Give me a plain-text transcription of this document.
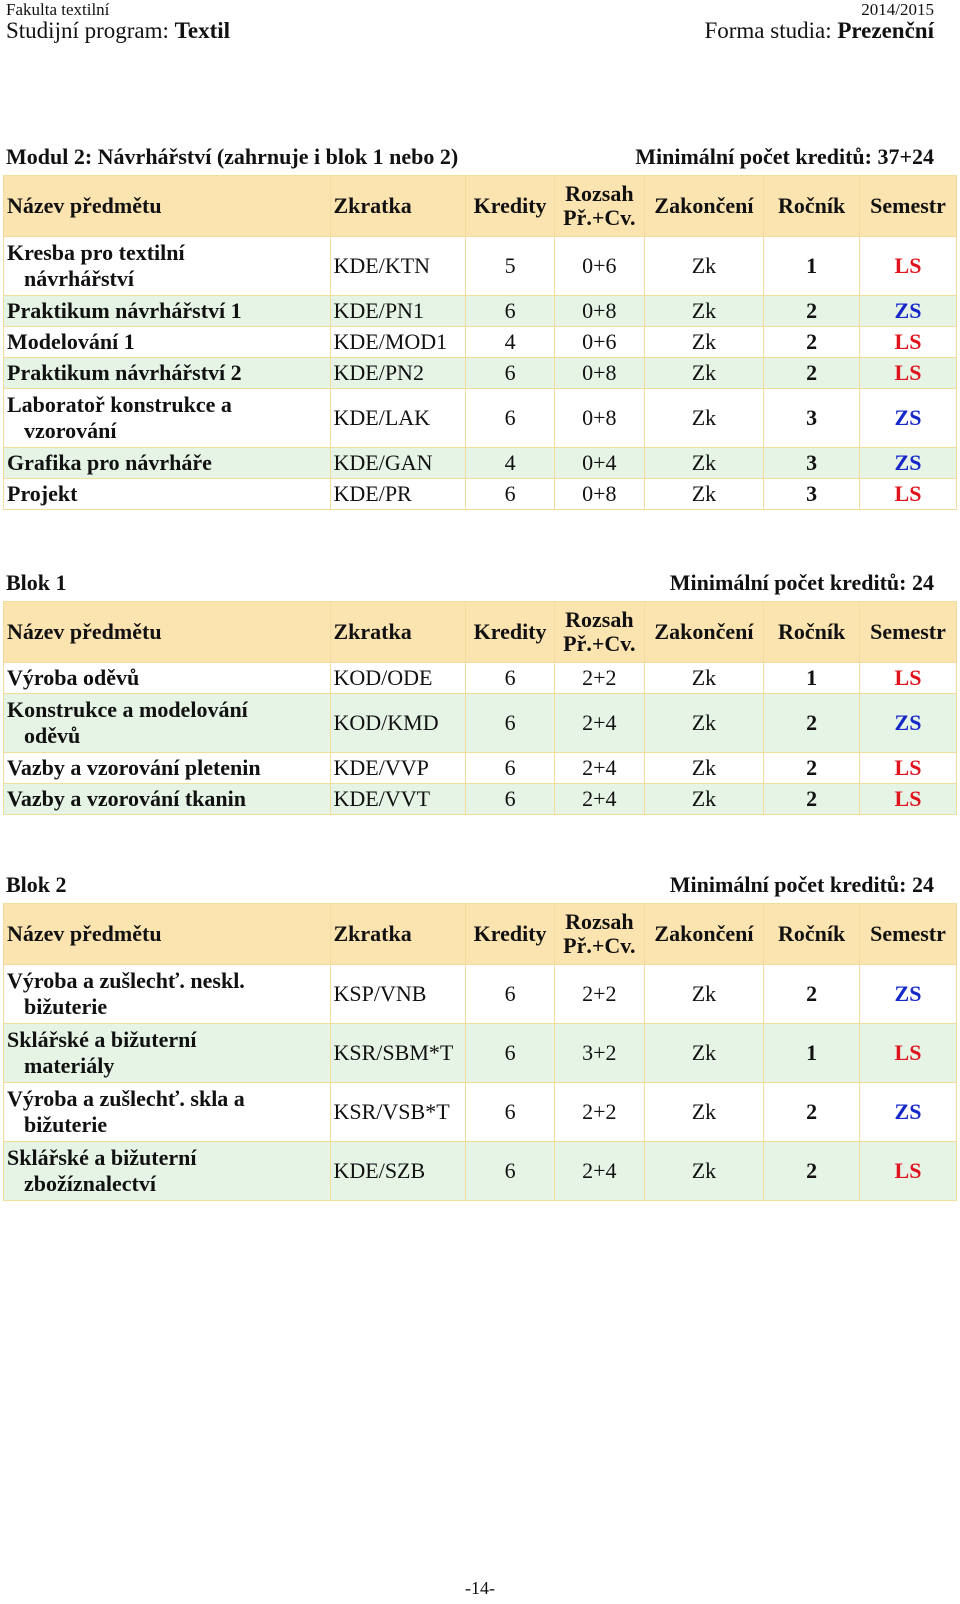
Fakulta textilní	2014/2015
Studijní program: Textil	Forma studia: Prezenční
Modul 2: Návrhářství (zahrnuje i blok 1 nebo 2)	Minimální počet kreditů: 37+24
Název předmětu	Zkratka	Kredity	Rozsah
Př.+Cv.	Zakončení	Ročník	Semestr

Kresba pro textilní
návrhářství	KDE/KTN	5	0+6	Zk	1	LS

Praktikum návrhářství 1	KDE/PN1	6	0+8	Zk	2	ZS

Modelování 1	KDE/MOD1	4	0+6	Zk	2	LS

Praktikum návrhářství 2	KDE/PN2	6	0+8	Zk	2	LS

Laboratoř konstrukce a
vzorování	KDE/LAK	6	0+8	Zk	3	ZS

Grafika pro návrháře	KDE/GAN	4	0+4	Zk	3	ZS

Projekt	KDE/PR	6	0+8	Zk	3	LS
Blok 1	Minimální počet kreditů: 24
Název předmětu	Zkratka	Kredity	Rozsah
Př.+Cv.	Zakončení	Ročník	Semestr

Výroba oděvů	KOD/ODE	6	2+2	Zk	1	LS

Konstrukce a modelování
oděvů	KOD/KMD	6	2+4	Zk	2	ZS

Vazby a vzorování pletenin	KDE/VVP	6	2+4	Zk	2	LS

Vazby a vzorování tkanin	KDE/VVT	6	2+4	Zk	2	LS
Blok 2	Minimální počet kreditů: 24
Název předmětu	Zkratka	Kredity	Rozsah
Př.+Cv.	Zakončení	Ročník	Semestr

Výroba a zušlechť. neskl.
bižuterie	KSP/VNB	6	2+2	Zk	2	ZS

Sklářské a bižuterní
materiály	KSR/SBM*T	6	3+2	Zk	1	LS

Výroba a zušlechť. skla a
bižuterie	KSR/VSB*T	6	2+2	Zk	2	ZS

Sklářské a bižuterní
zbožíznalectví	KDE/SZB	6	2+4	Zk	2	LS
-14-
